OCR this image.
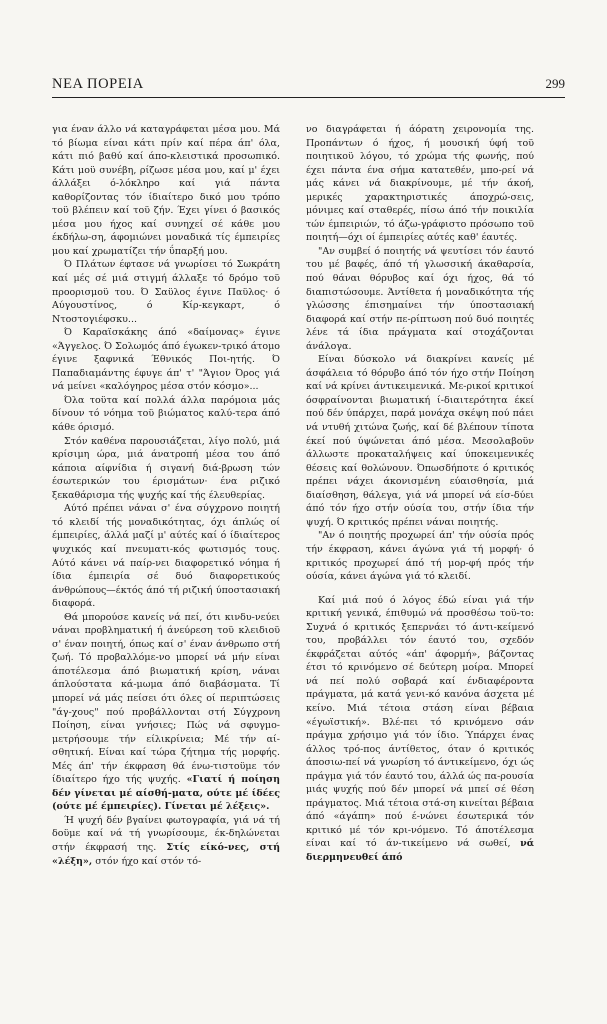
ΝΕΑ ΠΟΡΕΙΑ	299

για έναν άλλο νά καταγράφεται μέσα μου. Μά τό βίωμα είναι κάτι πρίν καί πέρα άπ' όλα, κάτι πιό βαθύ καί άπο-κλειστικά προσωπικό. Κάτι μοϋ συνέβη, ρίζωσε μέσα μου, καί μ' έχει άλλάξει ό-λόκληρο καί γιά πάντα καθορίζοντας τόν ίδιαίτερο δικό μου τρόπο τοϋ βλέπειν καί τοϋ ζήν. Έχει γίνει ό βασικός μέσα μου ήχος καί συνηχεί σέ κάθε μου έκδήλω-ση, άφομιώνει μοναδικά τίς έμπειρίες μου καί χρωματίζει τήν ΰπαρξή μου.

Ό Πλάτων έφτασε νά γνωρίσει τό Σωκράτη καί μές σέ μιά στιγμή άλλαξε τό δρόμο τοϋ προορισμοϋ του. Ό Σαϋλος έγινε Παϋλος· ό Αύγουστίνος, ό Κίρ-κεγκαρτ, ό Ντοστογιέφσκυ...

Ό Καραϊσκάκης άπό «δαίμονας» έγινε «Άγγελος. Ό Σολωμός άπό έγωκεν-τρικό άτομο έγινε ξαφνικά Έθνικός Ποι-ητής. Ό Παπαδιαμάντης έφυγε άπ' τ' "Άγιον Όρος γιά νά μείνει «καλόγηρος μέσα στόν κόσμο»...

Όλα τοϋτα καί πολλά άλλα παρόμοια μάς δίνουν τό νόημα τοϋ βιώματος καλύ-τερα άπό κάθε όρισμό.

Στόν καθένα παρουσιάζεται, λίγο πολύ, μιά κρίσιμη ώρα, μιά άνατροπή μέσα του άπό κάποια αίφνίδια ή σιγανή διά-βρωση τών έσωτερικών του έρισμάτων· ένα ριζικό ξεκαθάρισμα τής ψυχής καί τής έλευθερίας.

Αύτό πρέπει νάναι σ' ένα σύγχρονο ποιητή τό κλειδί τής μοναδικότητας, όχι άπλώς οί έμπειρίες, άλλά μαζί μ' αύτές καί ό ίδιαίτερος ψυχικός καί πνευματι-κός φωτισμός τους. Αύτό κάνει νά παίρ-νει διαφορετικό νόημα ή ίδια έμπειρία σέ δυό διαφορετικούς άνθρώπους—έκτός άπό τή ριζική ύποστασιακή διαφορά.

Θά μπορούσε κανείς νά πεί, ότι κινδυ-νεύει νάναι προβληματική ή άνεύρεση τοϋ κλειδιοϋ σ' έναν ποιητή, όπως καί σ' έναν άνθρωπο στή ζωή. Τό προβαλλόμε-νο μπορεί νά μήν είναι άποτέλεσμα άπό βιωματική κρίση, νάναι άπλούστατα κά-μωμα άπό διαβάσματα. Τί μπορεί νά μάς πείσει ότι όλες οί περιπτώσεις "άγ-χους" πού προβάλλονται στή Σύγχρονη Ποίηση, είναι γνήσιες; Πώς νά σφυγμο-μετρήσουμε τήν είλικρίνεια; Μέ τήν αί-σθητική. Είναι καί τώρα ζήτημα τής μορφής. Μές άπ' τήν έκφραση θά ένω-τιστοϋμε τόν ίδιαίτερο ήχο τής ψυχής. «Γιατί ή ποίηση δέν γίνεται μέ αίσθή-ματα, ούτε μέ ίδέες (ούτε μέ έμπειρίες). Γίνεται μέ λέξεις».

Ή ψυχή δέν βγαίνει φωτογραφία, γιά νά τή δοϋμε καί νά τή γνωρίσουμε, έκ-δηλώνεται στήν έκφρασή της. Στίς είκό-νες, στή «λέξη», στόν ήχο καί στόν τό-

νο διαγράφεται ή άόρατη χειρονομία της. Προπάντων ό ήχος, ή μουσική ύφή τοϋ ποιητικοϋ λόγου, τό χρώμα τής φωνής, πού έχει πάντα ένα σήμα κατατεθέν, μπο-ρεί νά μάς κάνει νά διακρίνουμε, μέ τήν άκοή, μερικές χαρακτηριστικές άποχρώ-σεις, μόνιμες καί σταθερές, πίσω άπό τήν ποικιλία τών έμπειριών, τό άζω-γράφιστο πρόσωπο τοϋ ποιητή—όχι οί έμπειρίες αύτές καθ' έαυτές.

"Αν συμβεί ό ποιητής νά ψευτίσει τόν έαυτό του μέ βαφές, άπό τή γλωσσική άκαθαρσία, πού θάναι θόρυβος καί όχι ήχος, θά τό διαπιστώσουμε. Άντίθετα ή μοναδικότητα τής γλώσσης έπισημαίνει τήν ύποστασιακή διαφορά καί στήν πε-ρίπτωση πού δυό ποιητές λένε τά ίδια πράγματα καί στοχάζονται άνάλογα.

Είναι δύσκολο νά διακρίνει κανείς μέ άσφάλεια τό θόρυβο άπό τόν ήχο στήν Ποίηση καί νά κρίνει άντικειμενικά. Με-ρικοί κριτικοί όσφραίνονται βιωματική ί-διαιτερότητα έκεί πού δέν ύπάρχει, παρά μονάχα σκέψη πού πάει νά ντυθή χιτώνα ζωής, καί δέ βλέπουν τίποτα έκεί πού ύψώνεται άπό μέσα. Μεσολαβοϋν άλλωστε προκαταλήψεις καί ύποκειμενικές θέσεις καί θολώνουν. Όπωσδήποτε ό κριτικός πρέπει νάχει άκονισμένη εύαισθησία, μιά διαίσθηση, θάλεγα, γιά νά μπορεί νά είσ-δύει άπό τόν ήχο στήν ούσία του, στήν ίδια τήν ψυχή. Ό κριτικός πρέπει νάναι ποιητής.

"Αν ό ποιητής προχωρεί άπ' τήν ούσία πρός τήν έκφραση, κάνει άγώνα γιά τή μορφή· ό κριτικός προχωρεί άπό τή μορ-φή πρός τήν ούσία, κάνει άγώνα γιά τό κλειδί.

Καί μιά πού ό λόγος έδώ είναι γιά τήν κριτική γενικά, έπιθυμώ νά προσθέσω τοϋ-το: Συχνά ό κριτικός ξεπερνάει τό άντι-κείμενό του, προβάλλει τόν έαυτό του, σχεδόν έκφράζεται αύτός «άπ' άφορμή», βάζοντας έτσι τό κρινόμενο σέ δεύτερη μοίρα. Μπορεί νά πεί πολύ σοβαρά καί ένδιαφέροντα πράγματα, μά κατά γενι-κό κανόνα άσχετα μέ κείνο. Μιά τέτοια στάση είναι βέβαια «έγωϊστική». Βλέ-πει τό κρινόμενο σάν πράγμα χρήσιμο γιά τόν ίδιο. Ύπάρχει ένας άλλος τρό-πος άντίθετος, όταν ό κριτικός άποσιω-πεί νά γνωρίση τό άντικείμενο, όχι ώς πράγμα γιά τόν έαυτό του, άλλά ώς πα-ρουσία μιάς ψυχής πού δέν μπορεί νά μπεί σέ θέση πράγματος. Μιά τέτοια στά-ση κινείται βέβαια άπό «άγάπη» πού έ-νώνει έσωτερικά τόν κριτικό μέ τόν κρι-νόμενο. Τό άποτέλεσμα είναι καί τό άν-τικείμενο νά σωθεί, νά διερμηνευθεί άπό
